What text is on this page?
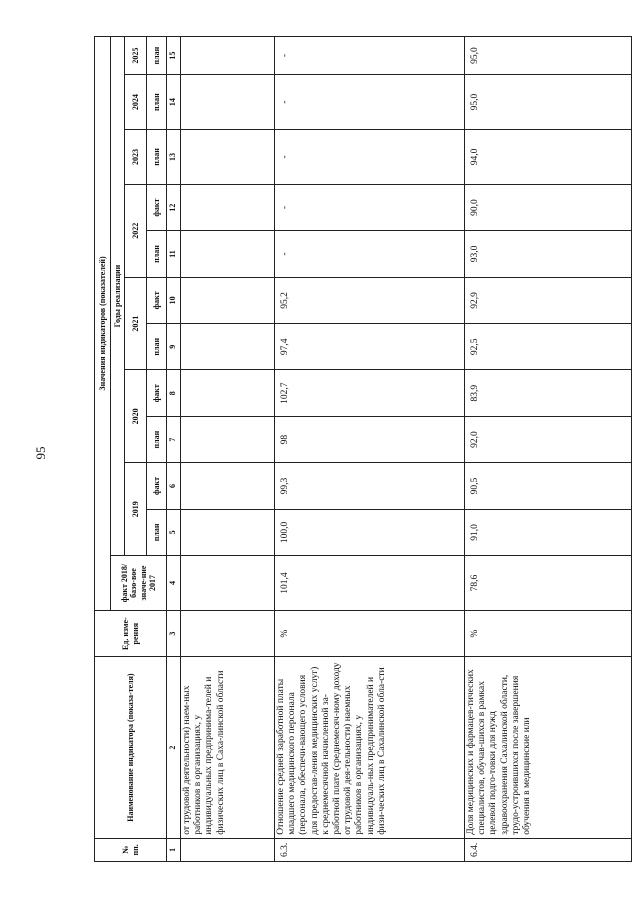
95
№ пп.	Наименование индикатора (показа-теля)	Ед. изме-рения	Значения индикаторов (показателей)											
			факт 2018/базо-вое значе-ние 2017	Годы реализации										
				2019		2020		2021		2022		2023	2024	2025
				план	факт	план	факт	план	факт	план	факт	план	план	план
1	2	3	4	5	6	7	8	9	10	11	12	13	14	15
	от трудовой деятельности) наем-ных работников в организациях, у индивидуальных предпринима-телей и физических лиц в Саха-линской области													
6.3.	Отношение средней заработной платы младшего медицинского персонала (персонала, обеспечи-вающего условия для предостав-ления медицинских услуг) к среднемесячной начисленной за-работной плате (среднемесяч-ному доходу от трудовой дея-тельности) наемных работников в организациях, у индивидуаль-ных предпринимателей и физи-ческих лиц в Сахалинской обла-сти	%	101,4	100,0	99,3	98	102,7	97,4	95,2	-	-	-	-	-
6.4.	Доля медицинских и фармацев-тических специалистов, обучав-шихся в рамках целевой подго-товки для нужд здравоохранения Сахалинской области, трудо-устроившихся после завершения обучения в медицинские или	%	78,6	91,0	90,5	92,0	83,9	92,5	92,9	93,0	90,0	94,0	95,0	95,0
